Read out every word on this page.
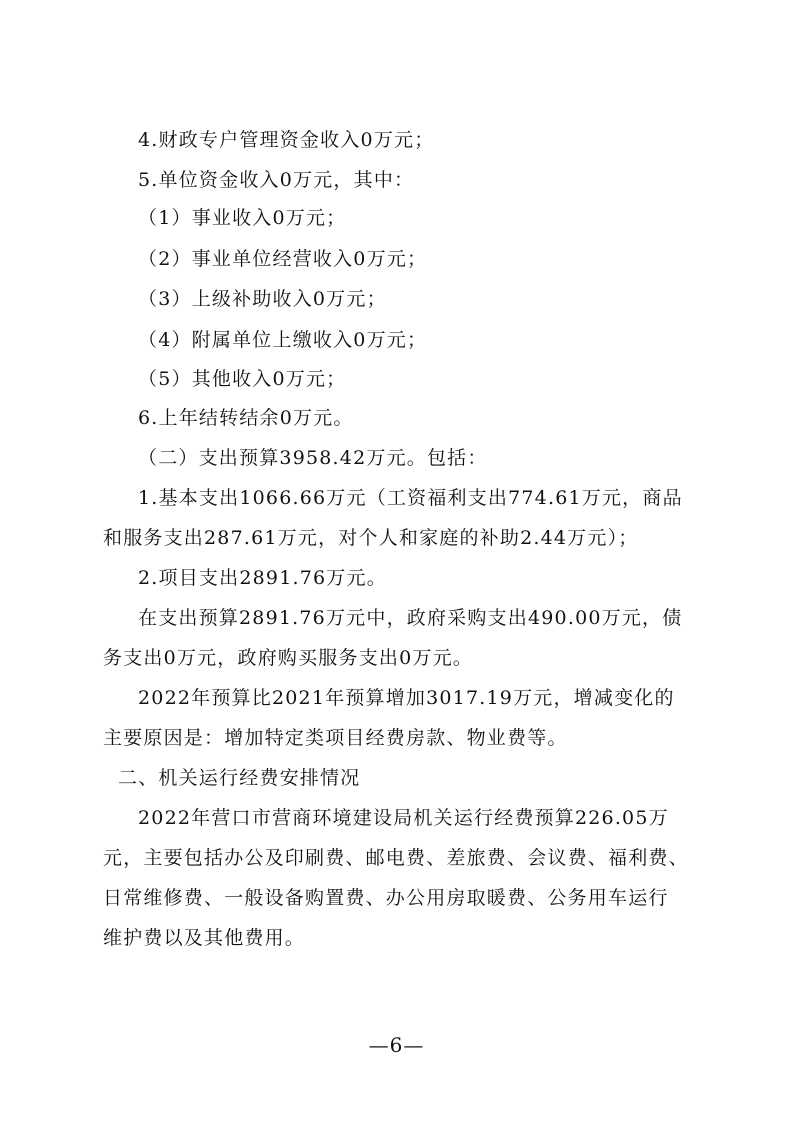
4.财政专户管理资金收入0万元；
5.单位资金收入0万元，其中：
（1）事业收入0万元；
（2）事业单位经营收入0万元；
（3）上级补助收入0万元；
（4）附属单位上缴收入0万元；
（5）其他收入0万元；
6.上年结转结余0万元。
（二）支出预算3958.42万元。包括：
1.基本支出1066.66万元（工资福利支出774.61万元，商品
和服务支出287.61万元，对个人和家庭的补助2.44万元）；
2.项目支出2891.76万元。
在支出预算2891.76万元中，政府采购支出490.00万元，债
务支出0万元，政府购买服务支出0万元。
2022年预算比2021年预算增加3017.19万元，增减变化的
主要原因是：增加特定类项目经费房款、物业费等。
二、机关运行经费安排情况
2022年营口市营商环境建设局机关运行经费预算226.05万
元，主要包括办公及印刷费、邮电费、差旅费、会议费、福利费、
日常维修费、一般设备购置费、办公用房取暖费、公务用车运行
维护费以及其他费用。
—6—
